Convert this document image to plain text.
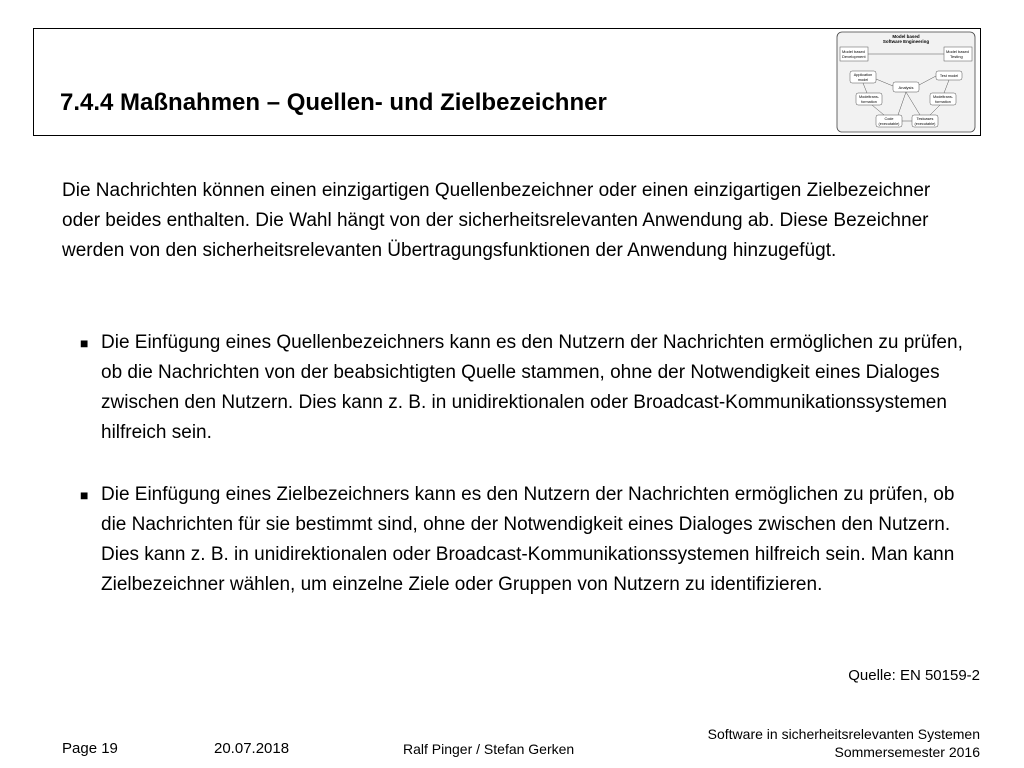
7.4.4 Maßnahmen – Quellen- und Zielbezeichner
Model based
Software Engineering
Model based
Development
Model based
Testing
Application
model
Test model
Analysis
Modeltrans-
formation
Modeltrans-
formation
Code
(executable)
Testcases
(executable)
Die Nachrichten können einen einzigartigen Quellenbezeichner oder einen einzigartigen Zielbezeichner oder beides enthalten. Die Wahl hängt von der sicherheitsrelevanten Anwendung ab. Diese Bezeichner werden von den sicherheitsrelevanten Übertragungsfunktionen der Anwendung hinzugefügt.
■ Die Einfügung eines Quellenbezeichners kann es den Nutzern der Nachrichten ermöglichen zu prüfen, ob die Nachrichten von der beabsichtigten Quelle stammen, ohne der Notwendigkeit eines Dialoges zwischen den Nutzern. Dies kann z. B. in unidirektionalen oder Broadcast-Kommunikationssystemen hilfreich sein.
■ Die Einfügung eines Zielbezeichners kann es den Nutzern der Nachrichten ermöglichen zu prüfen, ob die Nachrichten für sie bestimmt sind, ohne der Notwendigkeit eines Dialoges zwischen den Nutzern. Dies kann z. B. in unidirektionalen oder Broadcast-Kommunikationssystemen hilfreich sein. Man kann Zielbezeichner wählen, um einzelne Ziele oder Gruppen von Nutzern zu identifizieren.
Quelle: EN 50159-2
Page 19	20.07.2018	Ralf Pinger / Stefan Gerken
Software in sicherheitsrelevanten Systemen
Sommersemester 2016
